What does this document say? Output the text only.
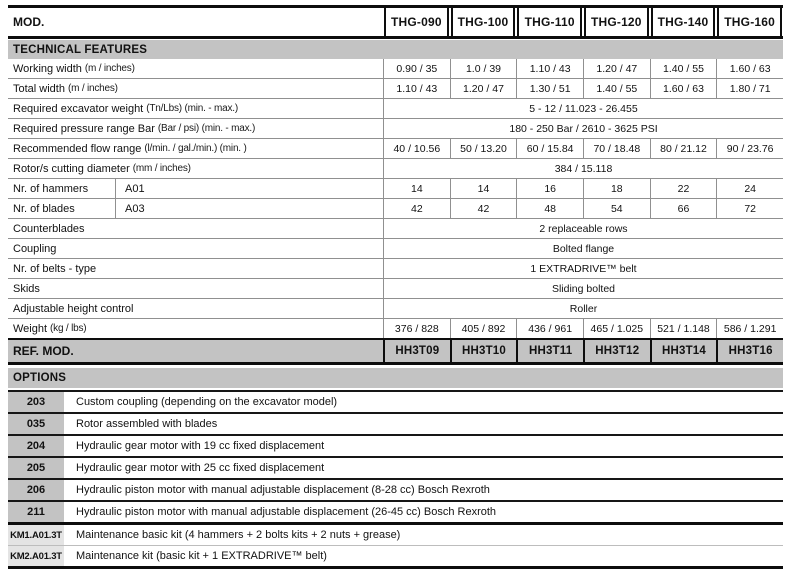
MOD.	THG-090	THG-100	THG-110	THG-120	THG-140	THG-160
TECHNICAL FEATURES
Working width (m / inches)	0.90 / 35	1.0 / 39	1.10 / 43	1.20 / 47	1.40 / 55	1.60 / 63
Total width (m / inches)	1.10 / 43	1.20 / 47	1.30 / 51	1.40 / 55	1.60 / 63	1.80 / 71
Required excavator weight (Tn/Lbs) (min. - max.)	5 - 12 / 11.023 - 26.455
Required pressure range Bar (Bar / psi) (min. - max.)	180 - 250 Bar / 2610 - 3625 PSI
Recommended flow range (l/min. / gal./min.) (min. )	40 / 10.56	50 / 13.20	60 / 15.84	70 / 18.48	80 / 21.12	90 / 23.76
Rotor/s cutting diameter (mm / inches)	384 / 15.118
Nr. of hammers	A01	14	14	16	18	22	24
Nr. of blades	A03	42	42	48	54	66	72
Counterblades	2 replaceable rows
Coupling	Bolted flange
Nr. of belts - type	1 EXTRADRIVE™ belt
Skids	Sliding bolted
Adjustable height control	Roller
Weight (kg / lbs)	376 / 828	405 / 892	436 / 961	465 / 1.025	521 / 1.148	586 / 1.291
REF. MOD.	HH3T09	HH3T10	HH3T11	HH3T12	HH3T14	HH3T16
OPTIONS
203	Custom coupling (depending on the excavator model)
035	Rotor assembled with blades
204	Hydraulic gear motor with 19 cc fixed displacement
205	Hydraulic gear motor with 25 cc fixed displacement
206	Hydraulic piston motor with manual adjustable displacement (8-28 cc) Bosch Rexroth
211	Hydraulic piston motor with manual adjustable displacement (26-45 cc) Bosch Rexroth
KM1.A01.3T	Maintenance basic kit (4 hammers + 2 bolts kits + 2 nuts + grease)
KM2.A01.3T	Maintenance kit (basic kit + 1 EXTRADRIVE™ belt)
